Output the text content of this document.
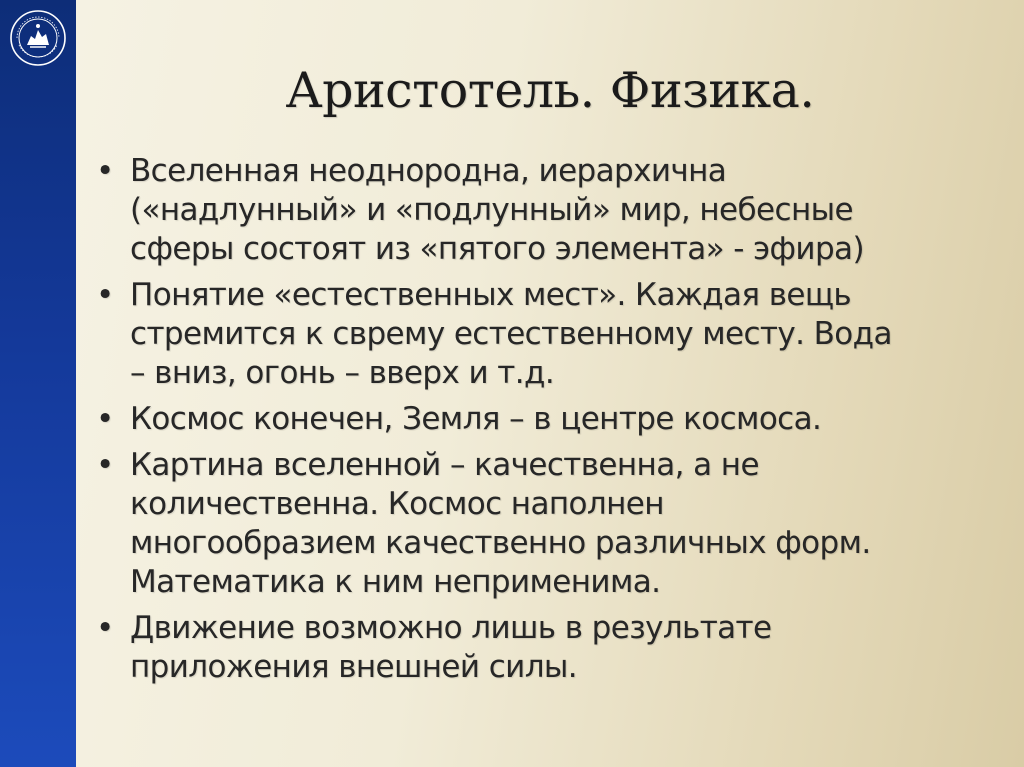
Аристотель. Физика.
• Вселенная неоднородна, иерархична
(«надлунный» и «подлунный» мир, небесные
сферы состоят из «пятого элемента» - эфира)
• Понятие «естественных мест». Каждая вещь
стремится к сврему естественному месту. Вода
– вниз, огонь – вверх и т.д.
• Космос конечен, Земля – в центре космоса.
• Картина вселенной – качественна, а не
количественна. Космос наполнен
многообразием качественно различных форм.
Математика к ним неприменима.
• Движение возможно лишь в результате
приложения внешней силы.
